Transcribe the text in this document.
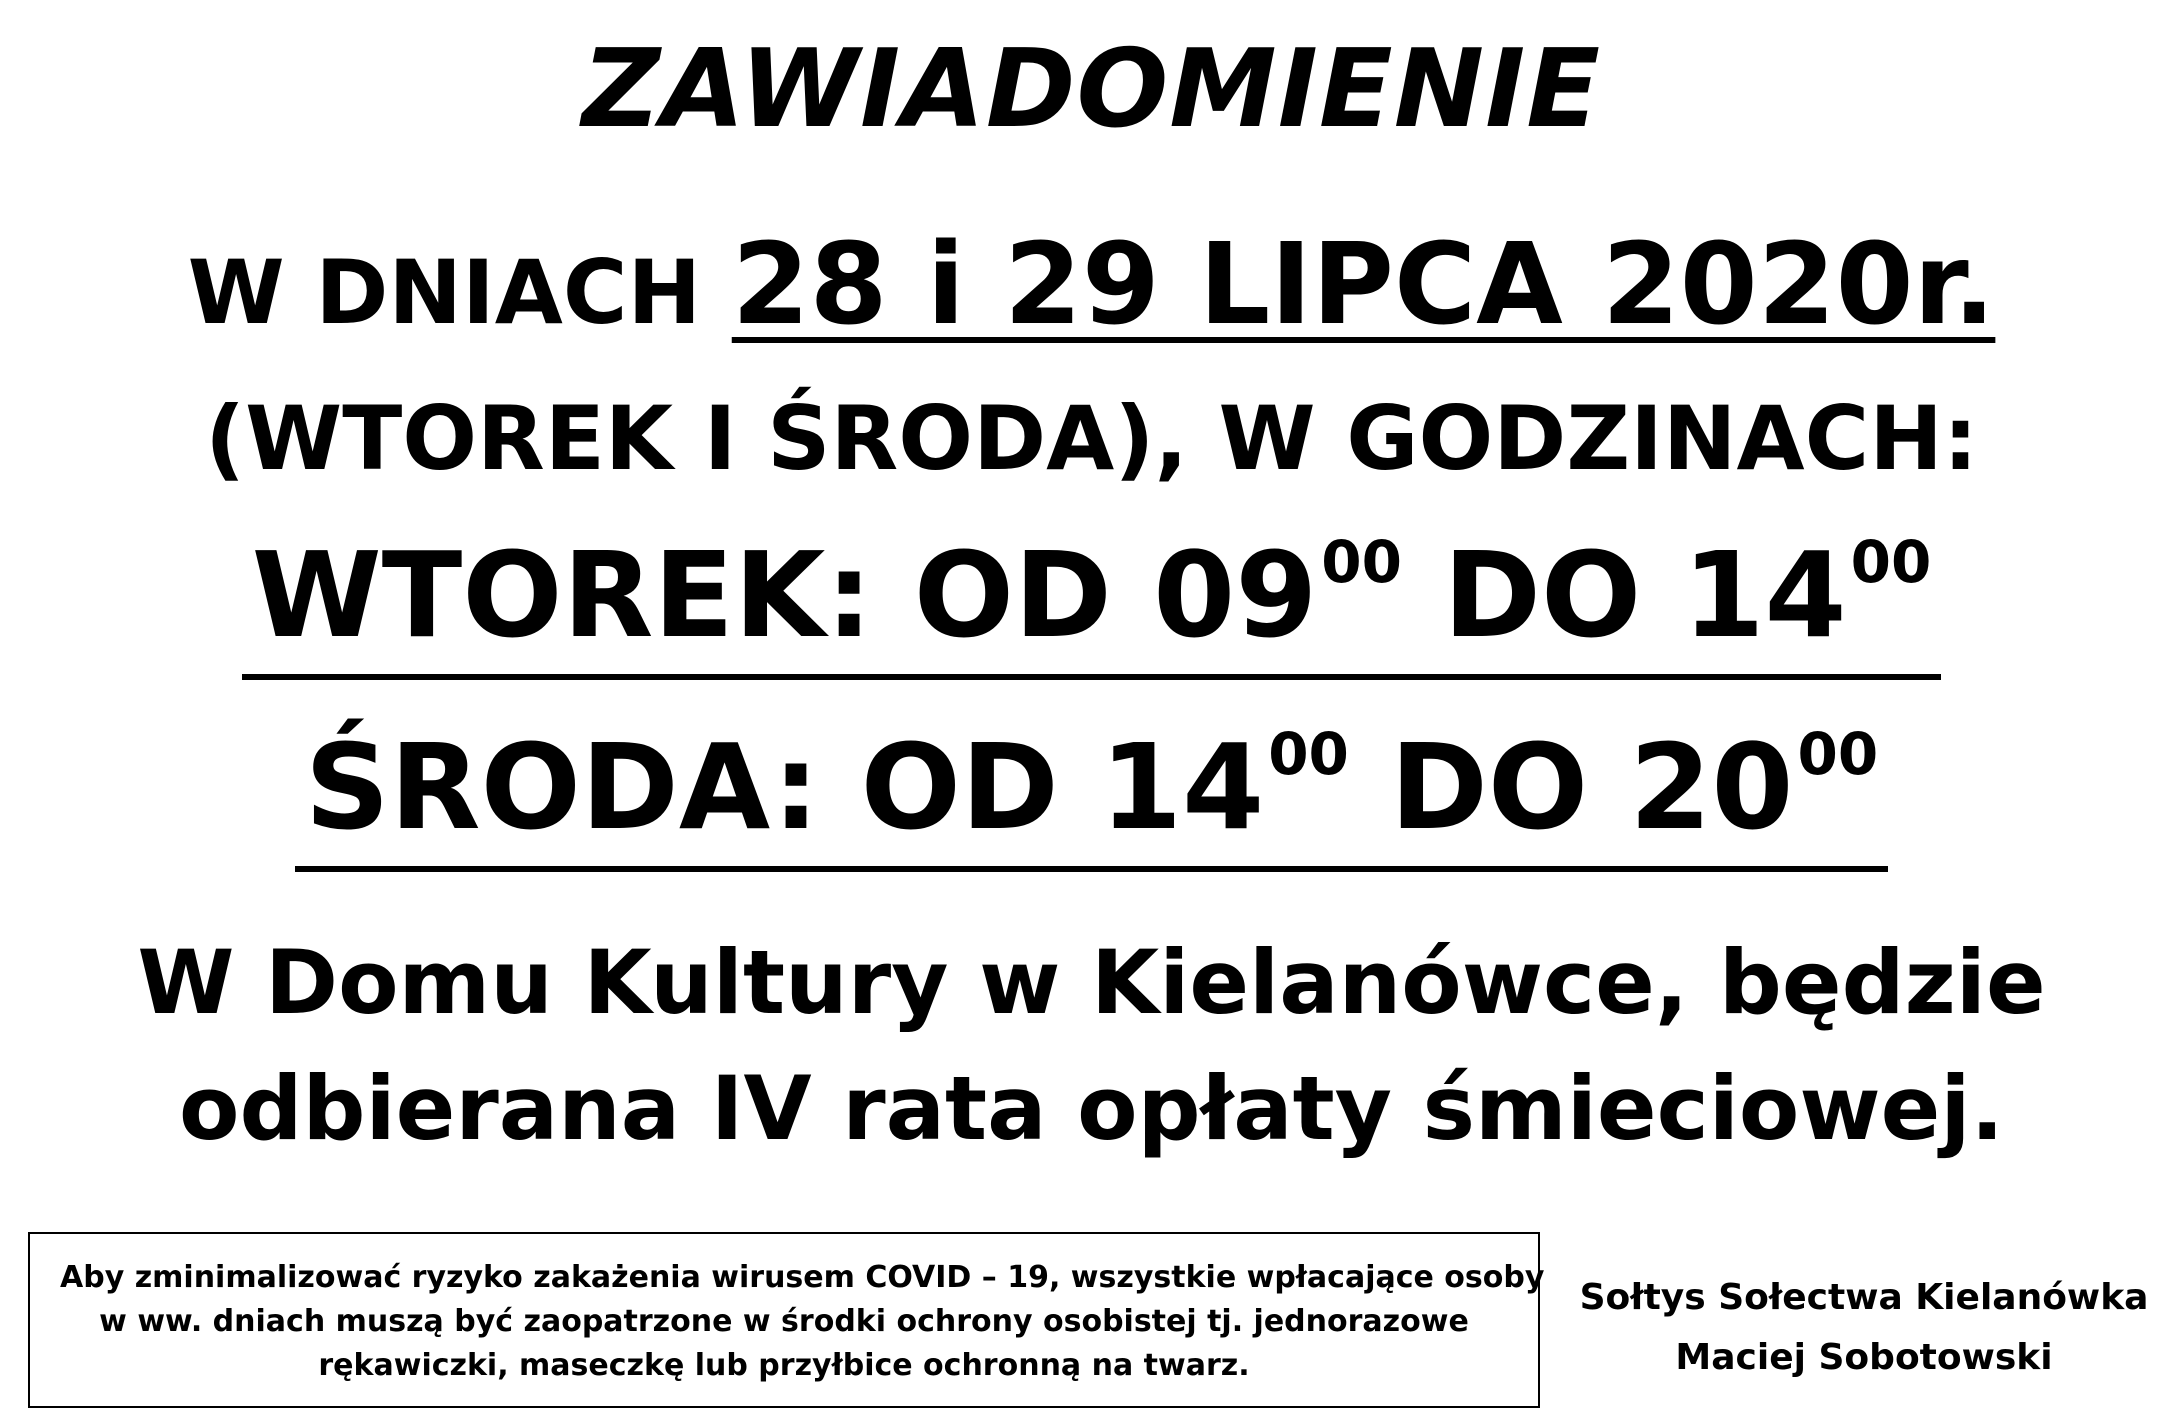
ZAWIADOMIENIE
W DNIACH 28 i 29 LIPCA 2020r.
(WTOREK I ŚRODA), W GODZINACH:
WTOREK: OD $09^{00}$ DO $14^{00}$
ŚRODA: OD $14^{00}$ DO $20^{00}$
W Domu Kultury w Kielanówce, będzie
odbierana IV rata opłaty śmieciowej.
Aby zminimalizować ryzyko zakażenia wirusem COVID – 19, wszystkie wpłacające osoby
w ww. dniach muszą być zaopatrzone w środki ochrony osobistej tj. jednorazowe
rękawiczki, maseczkę lub przyłbice ochronną na twarz.
Sołtys Sołectwa Kielanówka
Maciej Sobotowski
